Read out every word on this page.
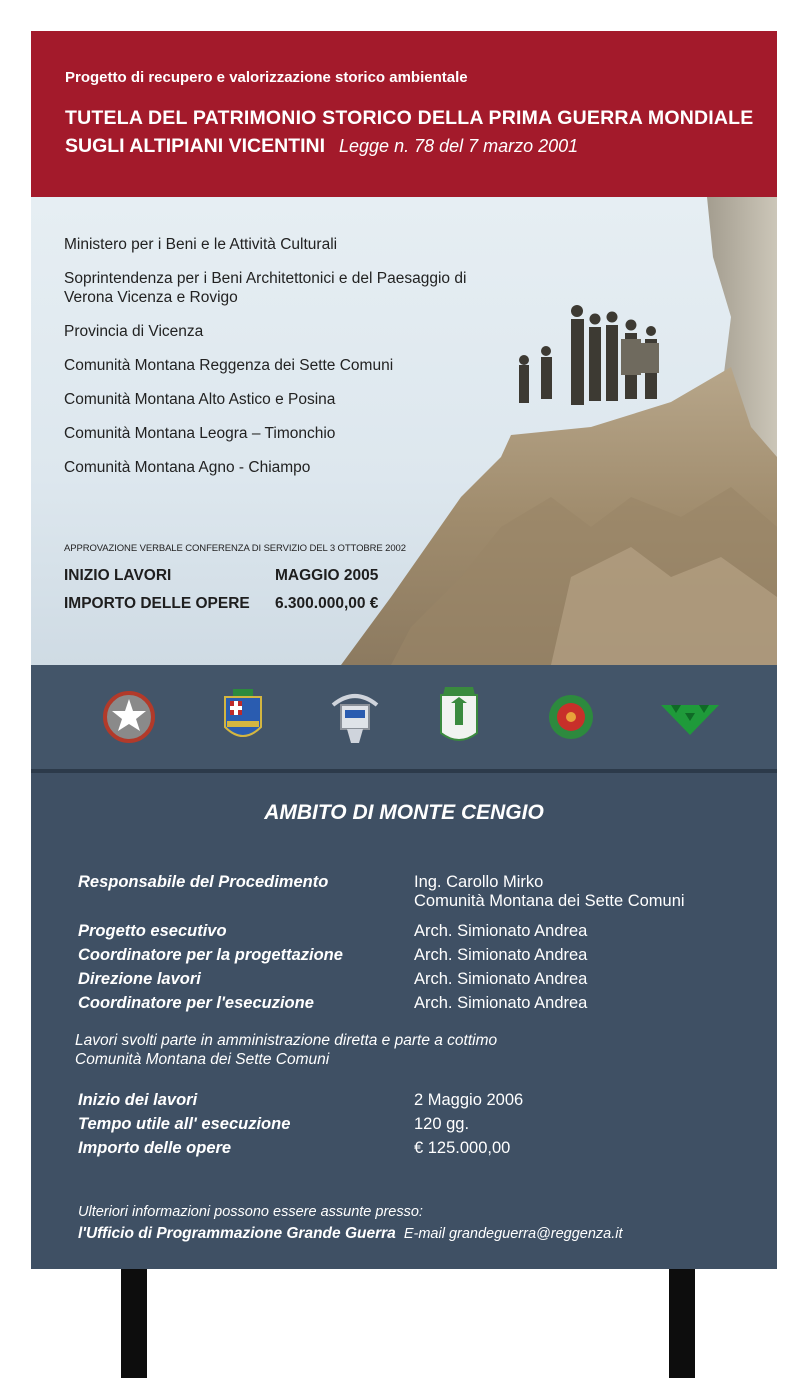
Progetto di recupero e valorizzazione storico ambientale
TUTELA DEL PATRIMONIO STORICO DELLA PRIMA GUERRA MONDIALE
SUGLI ALTIPIANI VICENTINI Legge n. 78 del 7 marzo 2001
Ministero per i Beni e le Attività Culturali
Soprintendenza per i Beni Architettonici e del Paesaggio di Verona Vicenza e Rovigo
Provincia di Vicenza
Comunità Montana Reggenza dei Sette Comuni
Comunità Montana Alto Astico e Posina
Comunità Montana Leogra – Timonchio
Comunità Montana Agno - Chiampo
APPROVAZIONE VERBALE CONFERENZA DI SERVIZIO DEL 3 OTTOBRE 2002
INIZIO LAVORI	MAGGIO 2005
IMPORTO DELLE OPERE 6.300.000,00 €
AMBITO DI MONTE CENGIO
Responsabile del Procedimento	Ing. Carollo Mirko
Comunità Montana dei Sette Comuni
Progetto esecutivo	Arch. Simionato Andrea
Coordinatore per la progettazione	Arch. Simionato Andrea
Direzione lavori	Arch. Simionato Andrea
Coordinatore per l'esecuzione	Arch. Simionato Andrea
Lavori svolti parte in amministrazione diretta e parte a cottimo
Comunità Montana dei Sette Comuni
Inizio dei lavori	2 Maggio 2006
Tempo utile all' esecuzione	120 gg.
Importo delle opere	€ 125.000,00
Ulteriori informazioni possono essere assunte presso:
l'Ufficio di Programmazione Grande Guerra E-mail grandeguerra@reggenza.it
